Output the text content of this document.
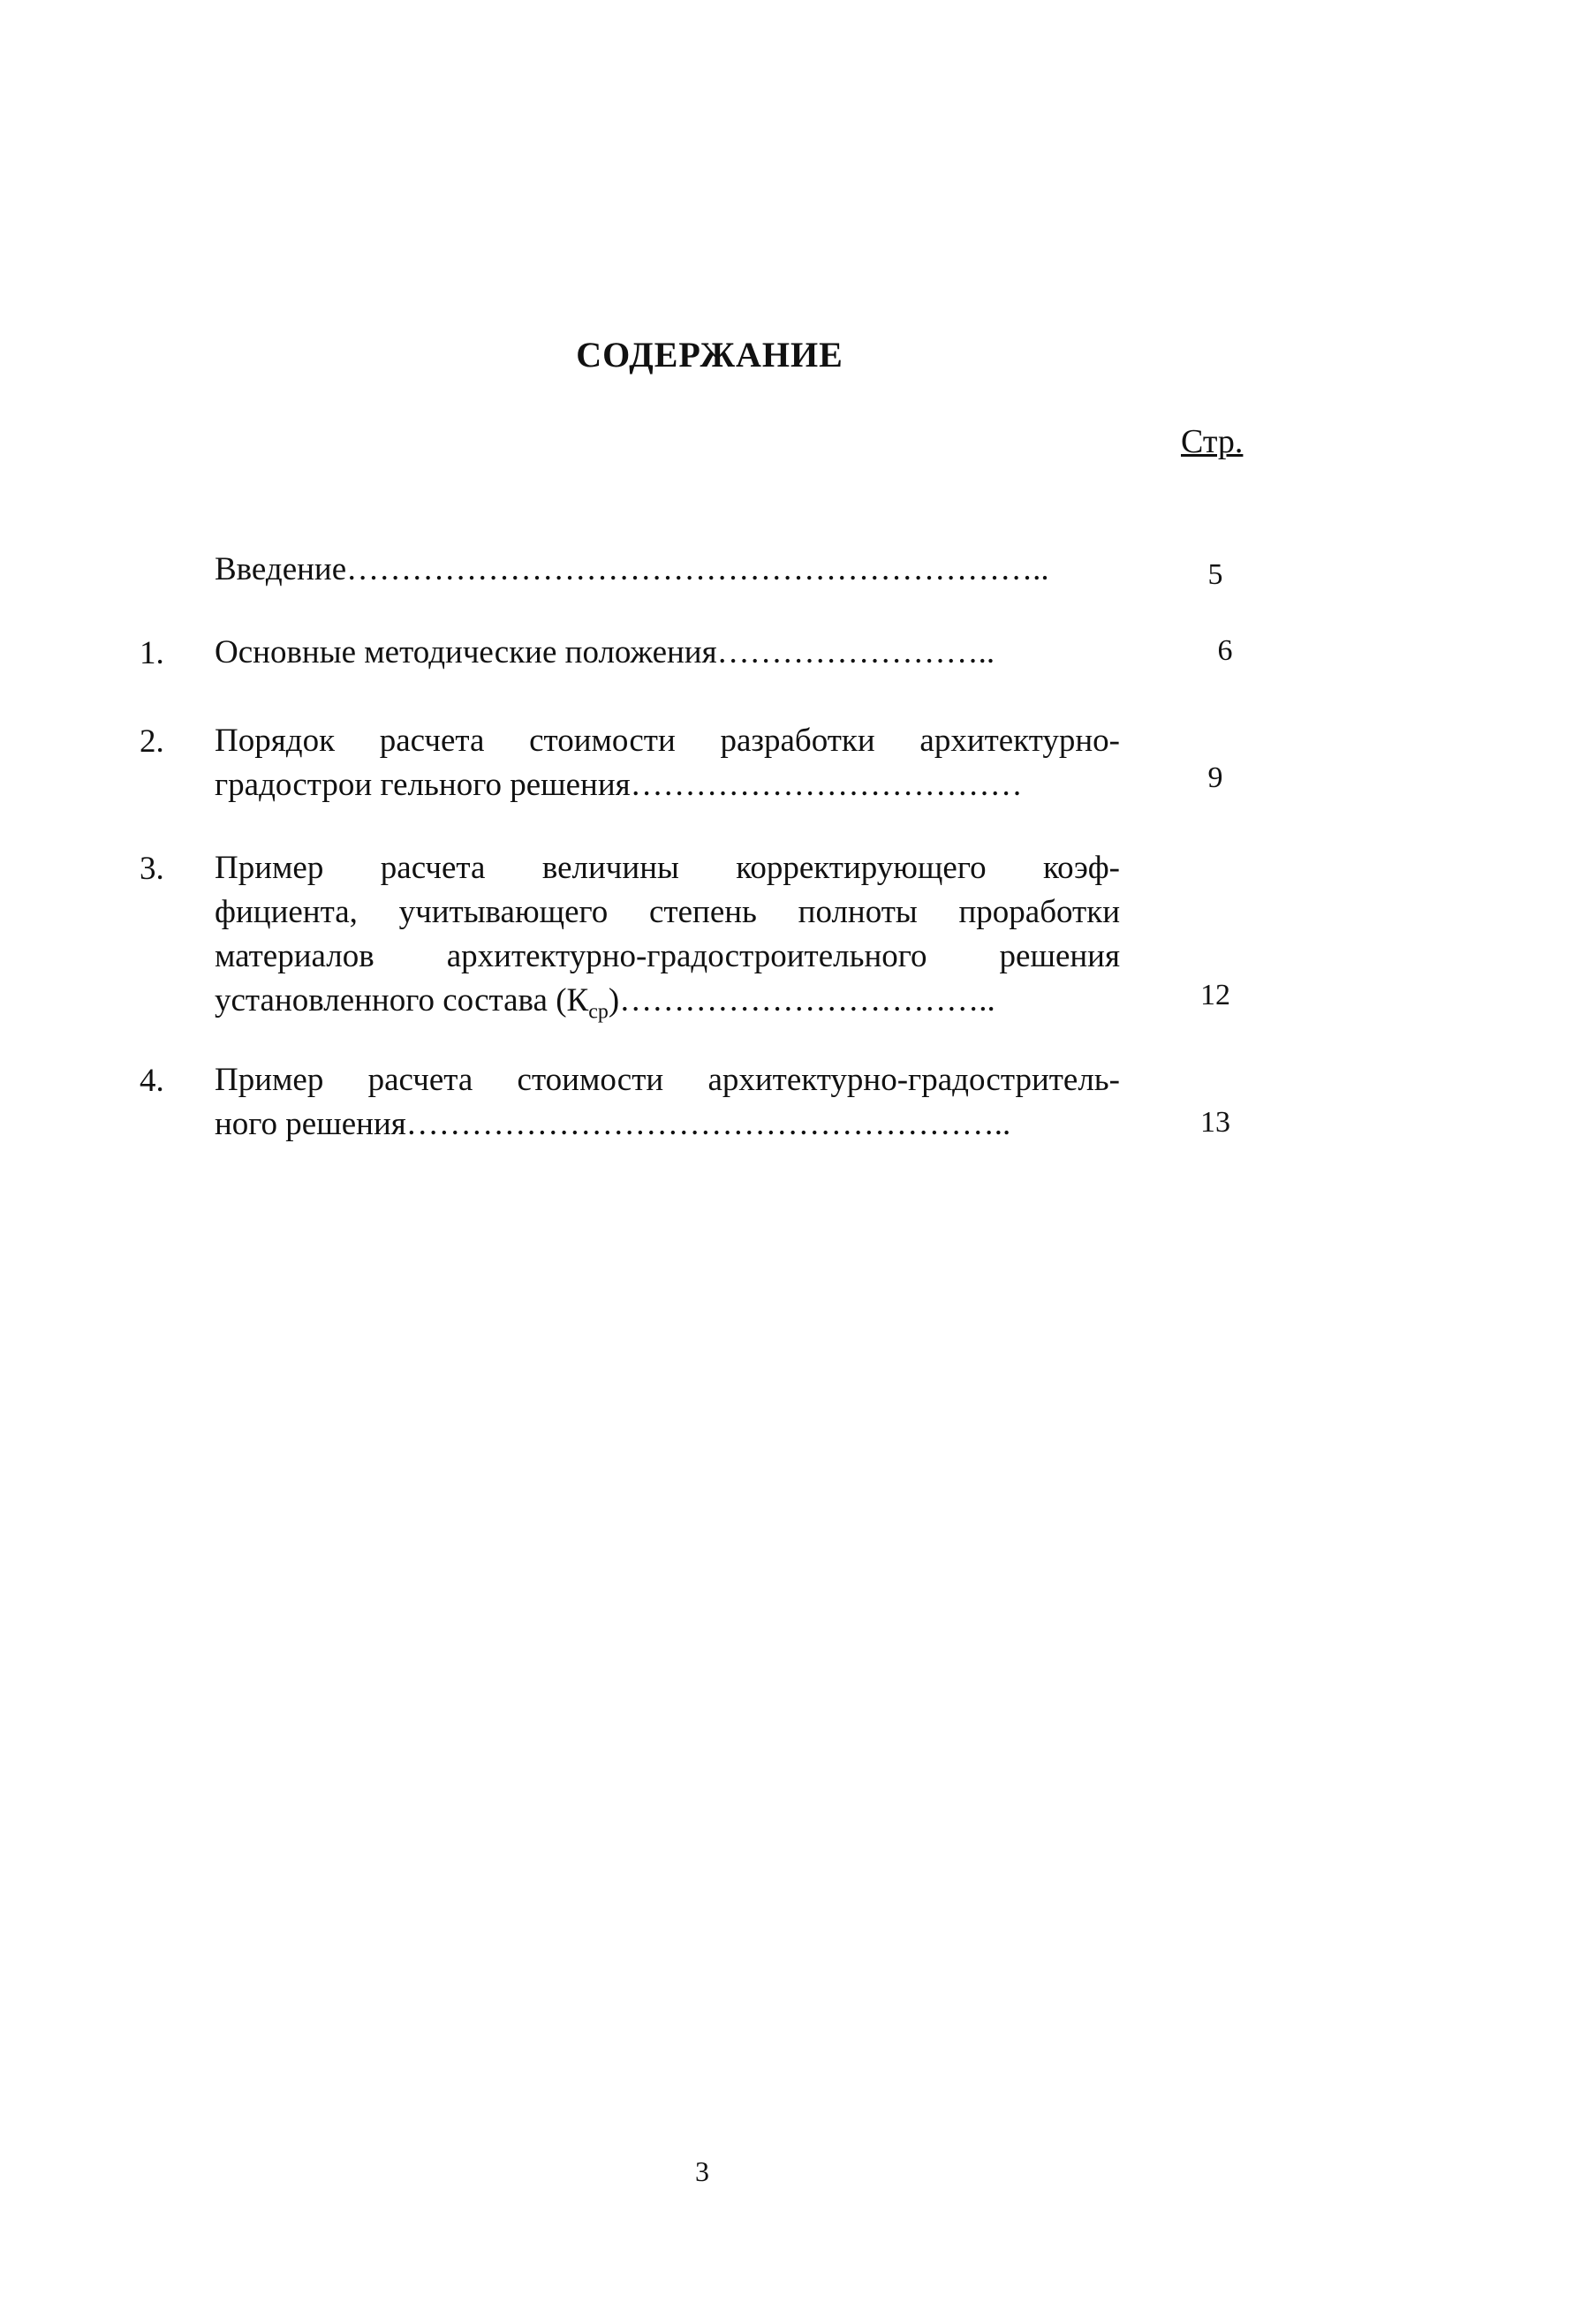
СОДЕРЖАНИЕ
Стр.
Введение………………………………………………………..	5
1. Основные методические положения……………………..	6
2. Порядок расчета стоимости разработки архитектурно-
градострои гельного решения………………………………	9
3. Пример расчета величины корректирующего коэф-
фициента, учитывающего степень полноты проработки
материалов архитектурно-градостроительного решения
установленного состава $(К_{ср})\dots\dots\dots\dots\dots\dots\dots\dots\dots\dots\dots$..	12
4. Пример расчета стоимости архитектурно-градостритель-
ного решения………………………………………………..	13
3
